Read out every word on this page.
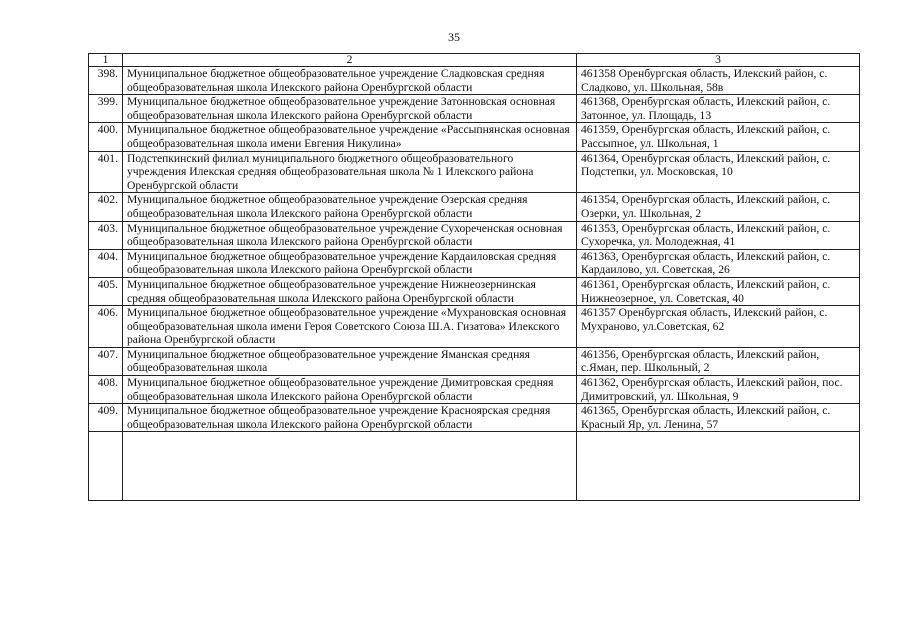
35
1	2	3
398.	Муниципальное бюджетное общеобразовательное учреждение Сладковская средняя общеобразовательная школа Илекского района Оренбургской области	461358 Оренбургская область, Илекский район, с. Сладково, ул. Школьная, 58в
399.	Муниципальное бюджетное общеобразовательное учреждение Затонновская основная общеобразовательная школа Илекского района Оренбургской области	461368, Оренбургская область, Илекский район, с. Затонное, ул. Площадь, 13
400.	Муниципальное бюджетное общеобразовательное учреждение «Рассыпнянская основная общеобразовательная школа имени Евгения Никулина»	461359, Оренбургская область, Илекский район, с. Рассыпное, ул. Школьная, 1
401.	Подстепкинский филиал муниципального бюджетного общеобразовательного учреждения Илекская средняя общеобразовательная школа № 1 Илекского района Оренбургской области	461364, Оренбургская область, Илекский район, с. Подстепки, ул. Московская, 10
402.	Муниципальное бюджетное общеобразовательное учреждение Озерская средняя общеобразовательная школа Илекского района Оренбургской области	461354, Оренбургская область, Илекский район, с. Озерки, ул. Школьная, 2
403.	Муниципальное бюджетное общеобразовательное учреждение Сухореченская основная общеобразовательная школа Илекского района Оренбургской области	461353, Оренбургская область, Илекский район, с. Сухоречка, ул. Молодежная, 41
404.	Муниципальное бюджетное общеобразовательное учреждение Кардаиловская средняя общеобразовательная школа Илекского района Оренбургской области	461363, Оренбургская область, Илекский район, с. Кардаилово, ул. Советская, 26
405.	Муниципальное бюджетное общеобразовательное учреждение Нижнеозернинская средняя общеобразовательная школа Илекского района Оренбургской области	461361, Оренбургская область, Илекский район, с. Нижнеозерное, ул. Советская, 40
406.	Муниципальное бюджетное общеобразовательное учреждение «Мухрановская основная общеобразовательная школа имени Героя Советского Союза Ш.А. Гизатова» Илекского района Оренбургской области	461357 Оренбургская область, Илекский район, с. Мухраново, ул.Советская, 62
407.	Муниципальное бюджетное общеобразовательное учреждение Яманская средняя общеобразовательная школа	461356, Оренбургская область, Илекский район, с.Яман, пер. Школьный, 2
408.	Муниципальное бюджетное общеобразовательное учреждение Димитровская средняя общеобразовательная школа Илекского района Оренбургской области	461362, Оренбургская область, Илекский район, пос. Димитровский, ул. Школьная, 9
409.	Муниципальное бюджетное общеобразовательное учреждение Красноярская средняя общеобразовательная школа Илекского района Оренбургской области	461365, Оренбургская область, Илекский район, с. Красный Яр, ул. Ленина, 57
